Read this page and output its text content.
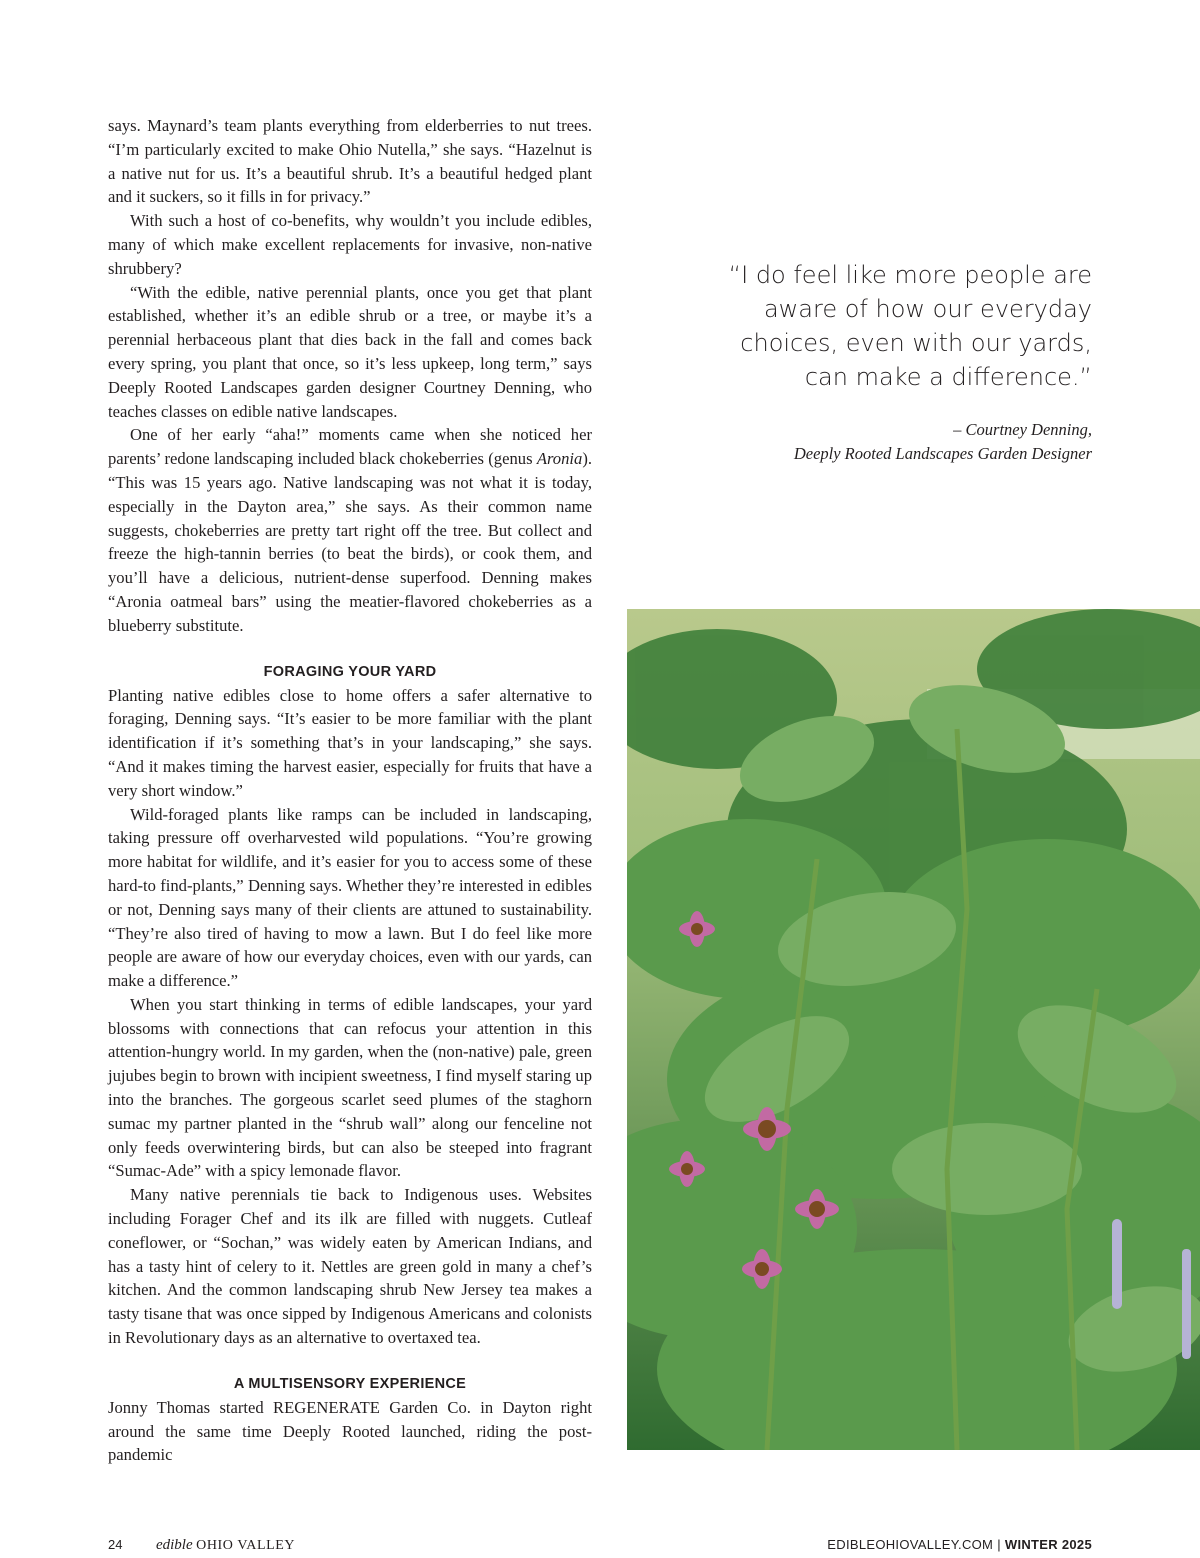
says. Maynard’s team plants everything from elderberries to nut trees. “I’m particularly excited to make Ohio Nutella,” she says. “Hazelnut is a native nut for us. It’s a beautiful shrub. It’s a beautiful hedged plant and it suckers, so it fills in for privacy.”

With such a host of co-benefits, why wouldn’t you include edibles, many of which make excellent replacements for invasive, non-native shrubbery?

“With the edible, native perennial plants, once you get that plant established, whether it’s an edible shrub or a tree, or maybe it’s a perennial herbaceous plant that dies back in the fall and comes back every spring, you plant that once, so it’s less upkeep, long term,” says Deeply Rooted Landscapes garden designer Courtney Denning, who teaches classes on edible native landscapes.

One of her early “aha!” moments came when she noticed her parents’ redone landscaping included black chokeberries (genus Aronia). “This was 15 years ago. Native landscaping was not what it is today, especially in the Dayton area,” she says. As their common name suggests, chokeberries are pretty tart right off the tree. But collect and freeze the high-tannin berries (to beat the birds), or cook them, and you’ll have a delicious, nutrient-dense superfood. Denning makes “Aronia oatmeal bars” using the meatier-flavored chokeberries as a blueberry substitute.

FORAGING YOUR YARD

Planting native edibles close to home offers a safer alternative to foraging, Denning says. “It’s easier to be more familiar with the plant identification if it’s something that’s in your landscaping,” she says. “And it makes timing the harvest easier, especially for fruits that have a very short window.”

Wild-foraged plants like ramps can be included in landscaping, taking pressure off overharvested wild populations. “You’re growing more habitat for wildlife, and it’s easier for you to access some of these hard-to find-plants,” Denning says. Whether they’re interested in edibles or not, Denning says many of their clients are attuned to sustainability. “They’re also tired of having to mow a lawn. But I do feel like more people are aware of how our everyday choices, even with our yards, can make a difference.”

When you start thinking in terms of edible landscapes, your yard blossoms with connections that can refocus your attention in this attention-hungry world. In my garden, when the (non-native) pale, green jujubes begin to brown with incipient sweetness, I find myself staring up into the branches. The gorgeous scarlet seed plumes of the staghorn sumac my partner planted in the “shrub wall” along our fenceline not only feeds overwintering birds, but can also be steeped into fragrant “Sumac-Ade” with a spicy lemonade flavor.

Many native perennials tie back to Indigenous uses. Websites including Forager Chef and its ilk are filled with nuggets. Cutleaf coneflower, or “Sochan,” was widely eaten by American Indians, and has a tasty hint of celery to it. Nettles are green gold in many a chef’s kitchen. And the common landscaping shrub New Jersey tea makes a tasty tisane that was once sipped by Indigenous Americans and colonists in Revolutionary days as an alternative to overtaxed tea.

A MULTISENSORY EXPERIENCE

Jonny Thomas started REGENERATE Garden Co. in Dayton right around the same time Deeply Rooted launched, riding the post-pandemic

“I do feel like more people are aware of how our everyday choices, even with our yards, can make a difference.”
– Courtney Denning,
Deeply Rooted Landscapes Garden Designer
24 edible OHIO VALLEY	EDIBLEOHIOVALLEY.COM | WINTER 2025
